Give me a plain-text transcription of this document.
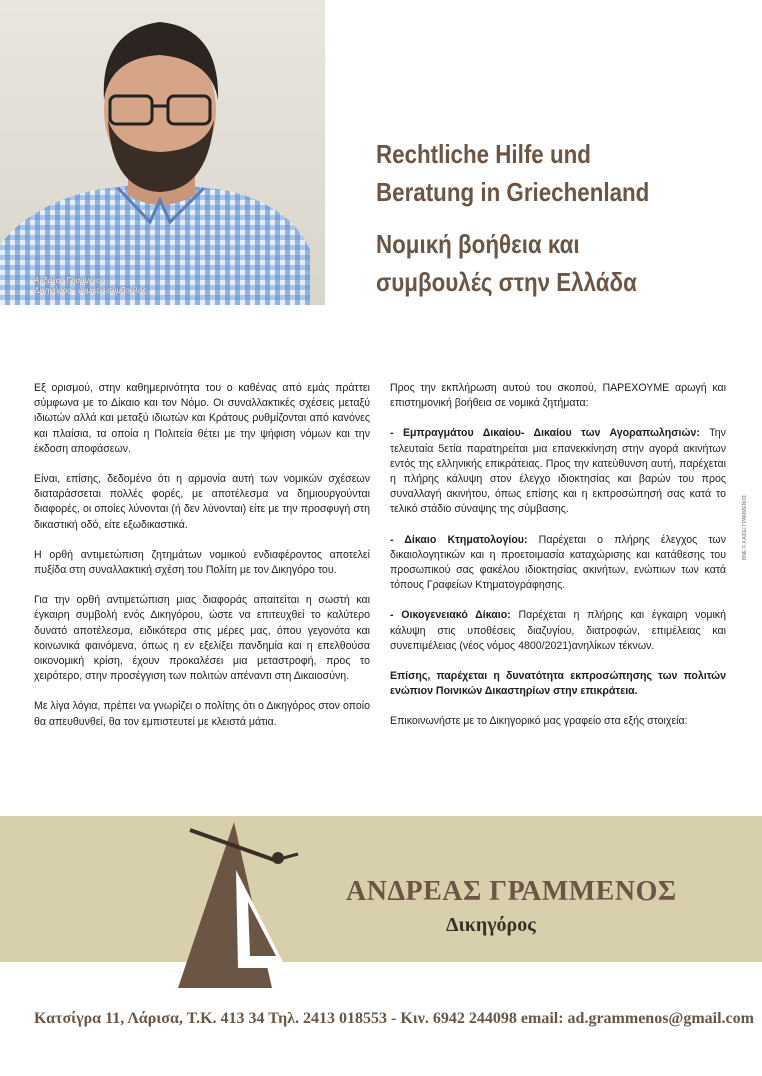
Ανδρέας Γραμμένος
Δικηγόρος - νομικός σύμβουλος
Rechtliche Hilfe und
Beratung in Griechenland
Νομική βοήθεια και
συμβουλές στην Ελλάδα

Εξ ορισμού, στην καθημερινότητα του ο καθένας από εμάς πράττει σύμφωνα με το Δίκαιο και τον Νόμο. Οι συναλλακτικές σχέσεις μεταξύ ιδιωτών αλλά και μεταξύ ιδιωτών και Κράτους ρυθμίζονται από κανόνες και πλαίσια, τα οποία η Πολιτεία θέτει με την ψήφιση νόμων και την έκδοση αποφάσεων.

Είναι, επίσης, δεδομένο ότι η αρμονία αυτή των νομικών σχέσεων διαταράσσεται πολλές φορές, με αποτέλεσμα να δημιουργούνται διαφορές, οι οποίες λύνονται (ή δεν λύνονται) είτε με την προσφυγή στη δικαστική οδό, είτε εξωδικαστικά.

Η ορθή αντιμετώπιση ζητημάτων νομικού ενδιαφέροντος αποτελεί πυξίδα στη συναλλακτική σχέση του Πολίτη με τον Δικηγόρο του.

Για την ορθή αντιμετώπιση μιας διαφοράς απαιτείται η σωστή και έγκαιρη συμβολή ενός Δικηγόρου, ώστε να επιτευχθεί το καλύτερο δυνατό αποτέλεσμα, ειδικότερα στις μέρες μας, όπου γεγονότα και κοινωνικά φαινόμενα, όπως η εν εξελίξει πανδημία και η επελθούσα οικονομική κρίση, έχουν προκαλέσει μια μεταστροφή, προς το χειρότερο, στην προσέγγιση των πολιτών απέναντι στη Δικαιοσύνη.

Με λίγα λόγια, πρέπει να γνωρίζει ο πολίτης ότι ο Δικηγόρος στον οποίο θα απευθυνθεί, θα τον εμπιστευτεί με κλειστά μάτια.

Προς την εκπλήρωση αυτού του σκοπού, ΠΑΡΕΧΟΥΜΕ αρωγή και επιστημονική βοήθεια σε νομικά ζητήματα:

- Εμπραγμάτου Δικαίου- Δικαίου των Αγοραπωλησιών: Την τελευταία 5ετία παρατηρείται μια επανεκκίνηση στην αγορά ακινήτων εντός της ελληνικής επικράτειας. Προς την κατεύθυνση αυτή, παρέχεται η πλήρης κάλυψη στον έλεγχο ιδιοκτησίας και βαρών του προς συναλλαγή ακινήτου, όπως επίσης και η εκπροσώπησή σας κατά το τελικό στάδιο σύναψης της σύμβασης.

- Δίκαιο Κτηματολογίου: Παρέχεται ο πλήρης έλεγχος των δικαιολογητικών και η προετοιμασία καταχώρισης και κατάθεσης του προσωπικού σας φακέλου ιδιοκτησίας ακινήτων, ενώπιων των κατά τόπους Γραφείων Κτηματογράφησης.

- Οικογενειακό Δίκαιο: Παρέχεται η πλήρης και έγκαιρη νομική κάλυψη στις υποθέσεις διαζυγίου, διατροφών, επιμέλειας και συνεπιμέλειας (νέος νόμος 4800/2021)ανηλίκων τέκνων.

Επίσης, παρέχεται η δυνατότητα εκπροσώπησης των πολιτών ενώπιον Ποινικών Δικαστηρίων στην επικράτεια.

Επικοινωνήστε με το Δικηγορικό μας γραφείο στα εξής στοιχεία:

ΒΝΕ © ΚΑΙΣΕΙ ΓΡΑΜΜΕΝΟΣ
ΑΝΔΡΕΑΣ ΓΡΑΜΜΕΝΟΣ
Δικηγόρος
Κατσίγρα 11, Λάρισα, Τ.Κ. 413 34 Τηλ. 2413 018553 - Κιν. 6942 244098 email: ad.grammenos@gmail.com
